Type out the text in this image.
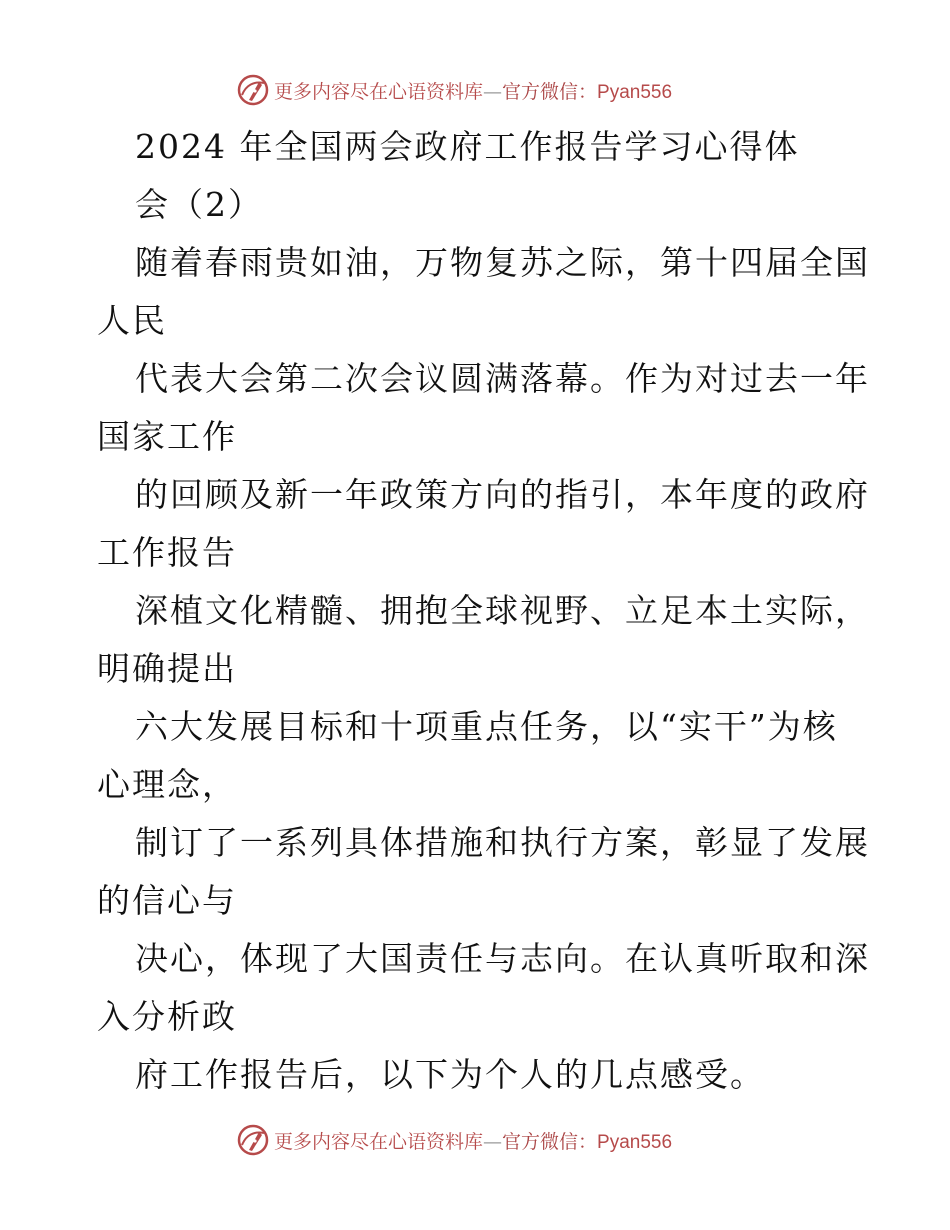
更多内容尽在心语资料库—官方微信：Pyan556
2024 年全国两会政府工作报告学习心得体
会（2）
随着春雨贵如油，万物复苏之际，第十四届全国
人民
代表大会第二次会议圆满落幕。作为对过去一年
国家工作
的回顾及新一年政策方向的指引，本年度的政府
工作报告
深植文化精髓、拥抱全球视野、立足本土实际，
明确提出
六大发展目标和十项重点任务，以“实干”为核
心理念，
制订了一系列具体措施和执行方案，彰显了发展
的信心与
决心，体现了大国责任与志向。在认真听取和深
入分析政
府工作报告后，以下为个人的几点感受。
更多内容尽在心语资料库—官方微信：Pyan556
